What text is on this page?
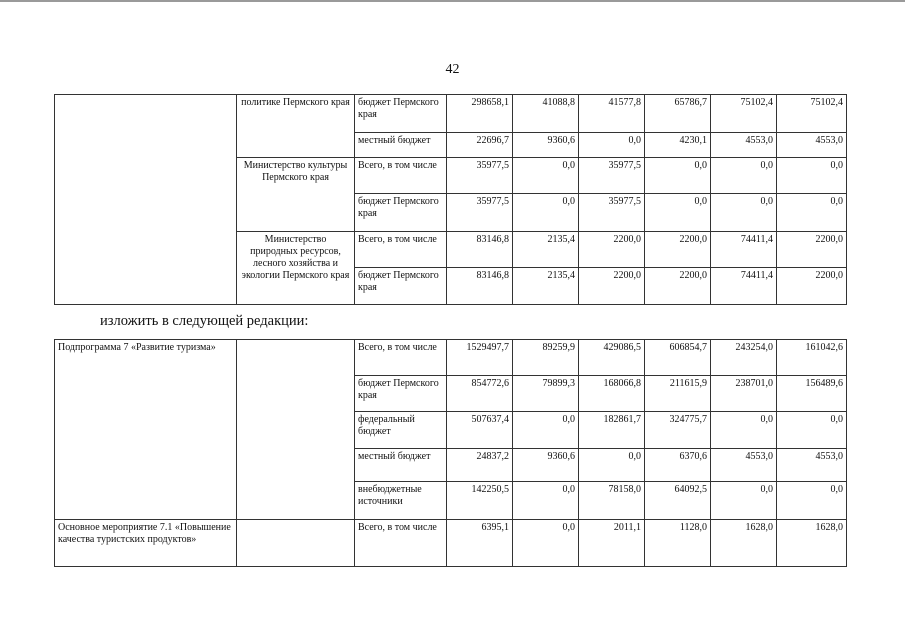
42
	политике Пермского края	бюджет Пермского края	298658,1	41088,8	41577,8	65786,7	75102,4	75102,4
		местный бюджет	22696,7	9360,6	0,0	4230,1	4553,0	4553,0
	Министерство культуры Пермского края	Всего, в том числе	35977,5	0,0	35977,5	0,0	0,0	0,0
		бюджет Пермского края	35977,5	0,0	35977,5	0,0	0,0	0,0
	Министерство природных ресурсов, лесного хозяйства и экологии Пермского края	Всего, в том числе	83146,8	2135,4	2200,0	2200,0	74411,4	2200,0
		бюджет Пермского края	83146,8	2135,4	2200,0	2200,0	74411,4	2200,0
изложить в следующей редакции:
Подпрограмма 7 «Развитие туризма»		Всего, в том числе	1529497,7	89259,9	429086,5	606854,7	243254,0	161042,6
		бюджет Пермского края	854772,6	79899,3	168066,8	211615,9	238701,0	156489,6
		федеральный бюджет	507637,4	0,0	182861,7	324775,7	0,0	0,0
		местный бюджет	24837,2	9360,6	0,0	6370,6	4553,0	4553,0
		внебюджетные источники	142250,5	0,0	78158,0	64092,5	0,0	0,0
Основное мероприятие 7.1 «Повышение качества туристских продуктов»		Всего, в том числе	6395,1	0,0	2011,1	1128,0	1628,0	1628,0
